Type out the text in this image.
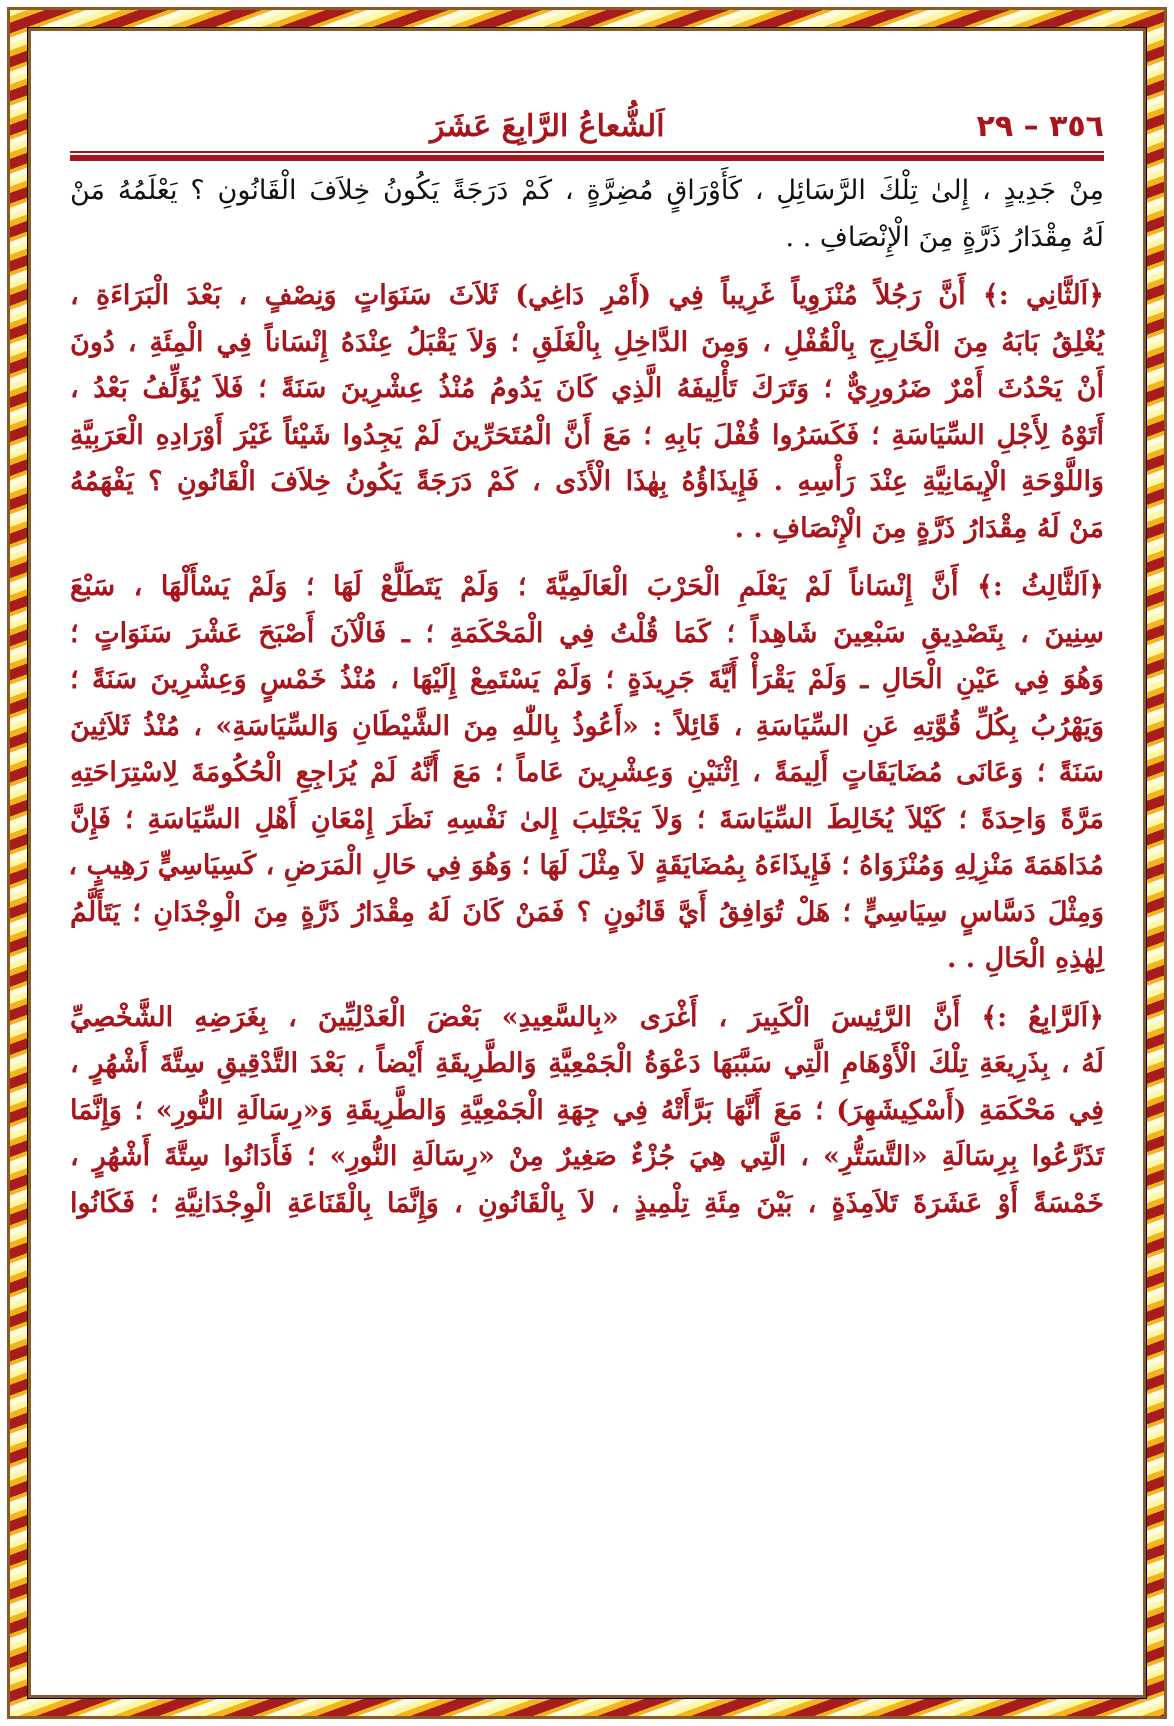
٣٥٦ – ٢٩
اَلشُّعاعُ الرَّابِعَ عَشَرَ
مِنْ جَدِيدٍ ، إِلىٰ تِلْكَ الرَّسَائِلِ ، كَأَوْرَاقٍ مُضِرَّةٍ ، كَمْ دَرَجَةً يَكُونُ خِلاَفَ الْقَانُونِ ؟ يَعْلَمُهُ مَنْ
لَهُ مِقْدَارُ ذَرَّةٍ مِنَ الْإِنْصَافِ . .
﴿اَلثَّانِي :﴾ أَنَّ رَجُلاً مُنْزَوِياً غَرِيباً فِي (أَمْرِ دَاغِي) ثَلاَثَ سَنَوَاتٍ وَنِصْفٍ ، بَعْدَ الْبَرَاءَةِ ،
يُغْلِقُ بَابَهُ مِنَ الْخَارِجِ بِالْقُفْلِ ، وَمِنَ الدَّاخِلِ بِالْغَلَقِ ؛ وَلاَ يَقْبَلُ عِنْدَهُ إِنْسَاناً فِي الْمِئَةِ ، دُونَ
أَنْ يَحْدُثَ أَمْرٌ ضَرُورِيٌّ ؛ وَتَرَكَ تَأْلِيفَهُ الَّذِي كَانَ يَدُومُ مُنْذُ عِشْرِينَ سَنَةً ؛ فَلاَ يُؤَلِّفُ بَعْدُ ،
أَتَوْهُ لِأَجْلِ السِّيَاسَةِ ؛ فَكَسَرُوا قُفْلَ بَابِهِ ؛ مَعَ أَنَّ الْمُتَحَرِّينَ لَمْ يَجِدُوا شَيْئاً غَيْرَ أَوْرَادِهِ الْعَرَبِيَّةِ
وَاللَّوْحَةِ الْإِيمَانِيَّةِ عِنْدَ رَأْسِهِ . فَإِيذَاؤُهُ بِهٰذَا الْأَذَى ، كَمْ دَرَجَةً يَكُونُ خِلاَفَ الْقَانُونِ ؟ يَفْهَمُهُ
مَنْ لَهُ مِقْدَارُ ذَرَّةٍ مِنَ الْإِنْصَافِ . .
﴿اَلثَّالِثُ :﴾ أَنَّ إِنْسَاناً لَمْ يَعْلَمِ الْحَرْبَ الْعَالَمِيَّةَ ؛ وَلَمْ يَتَطَلَّعْ لَهَا ؛ وَلَمْ يَسْأَلْهَا ، سَبْعَ
سِنِينَ ، بِتَصْدِيقِ سَبْعِينَ شَاهِداً ؛ كَمَا قُلْتُ فِي الْمَحْكَمَةِ ؛ ـ فَالْآنَ أَصْبَحَ عَشْرَ سَنَوَاتٍ ؛
وَهُوَ فِي عَيْنِ الْحَالِ ـ وَلَمْ يَقْرَأْ أَيَّةَ جَرِيدَةٍ ؛ وَلَمْ يَسْتَمِعْ إِلَيْهَا ، مُنْذُ خَمْسٍ وَعِشْرِينَ سَنَةً ؛
وَيَهْرُبُ بِكُلِّ قُوَّتِهِ عَنِ السِّيَاسَةِ ، قَائِلاً : «أَعُوذُ بِاللّٰهِ مِنَ الشَّيْطَانِ وَالسِّيَاسَةِ» ، مُنْذُ ثَلاَثِينَ
سَنَةً ؛ وَعَانَى مُضَايَقَاتٍ أَلِيمَةً ، اِثْنَيْنِ وَعِشْرِينَ عَاماً ؛ مَعَ أَنَّهُ لَمْ يُرَاجِعِ الْحُكُومَةَ لِاسْتِرَاحَتِهِ
مَرَّةً وَاحِدَةً ؛ كَيْلاَ يُخَالِطَ السِّيَاسَةَ ؛ وَلاَ يَجْتَلِبَ إِلىٰ نَفْسِهِ نَظَرَ إِمْعَانِ أَهْلِ السِّيَاسَةِ ؛ فَإِنَّ
مُدَاهَمَةَ مَنْزِلِهِ وَمُنْزَوَاهُ ؛ فَإِيذَاءَهُ بِمُضَايَقَةٍ لاَ مِثْلَ لَهَا ؛ وَهُوَ فِي حَالِ الْمَرَضِ ، كَسِيَاسِيٍّ رَهِيبٍ ،
وَمِثْلَ دَسَّاسٍ سِيَاسِيٍّ ؛ هَلْ تُوَافِقُ أَيَّ قَانُونٍ ؟ فَمَنْ كَانَ لَهُ مِقْدَارُ ذَرَّةٍ مِنَ الْوِجْدَانِ ؛ يَتَأَلَّمُ
لِهٰذِهِ الْحَالِ . .
﴿اَلرَّابِعُ :﴾ أَنَّ الرَّئِيسَ الْكَبِيرَ ، أَغْرَى «بِالسَّعِيدِ» بَعْضَ الْعَدْلِيِّينَ ، بِغَرَضِهِ الشَّخْصِيِّ
لَهُ ، بِذَرِيعَةِ تِلْكَ الْأَوْهَامِ الَّتِي سَبَّبَهَا دَعْوَةُ الْجَمْعِيَّةِ وَالطَّرِيقَةِ أَيْضاً ، بَعْدَ التَّدْقِيقِ سِتَّةَ أَشْهُرٍ ،
فِي مَحْكَمَةِ (أَسْكِيشَهِرَ) ؛ مَعَ أَنَّهَا بَرَّأَتْهُ فِي جِهَةِ الْجَمْعِيَّةِ وَالطَّرِيقَةِ وَ«رِسَالَةِ النُّورِ» ؛ وَإِنَّمَا
تَذَرَّعُوا بِرِسَالَةِ «التَّسَتُّرِ» ، الَّتِي هِيَ جُزْءٌ صَغِيرٌ مِنْ «رِسَالَةِ النُّورِ» ؛ فَأَدَانُوا سِتَّةَ أَشْهُرٍ ،
خَمْسَةً أَوْ عَشَرَةَ تَلاَمِذَةٍ ، بَيْنَ مِئَةِ تِلْمِيذٍ ، لاَ بِالْقَانُونِ ، وَإِنَّمَا بِالْقَنَاعَةِ الْوِجْدَانِيَّةِ ؛ فَكَانُوا
